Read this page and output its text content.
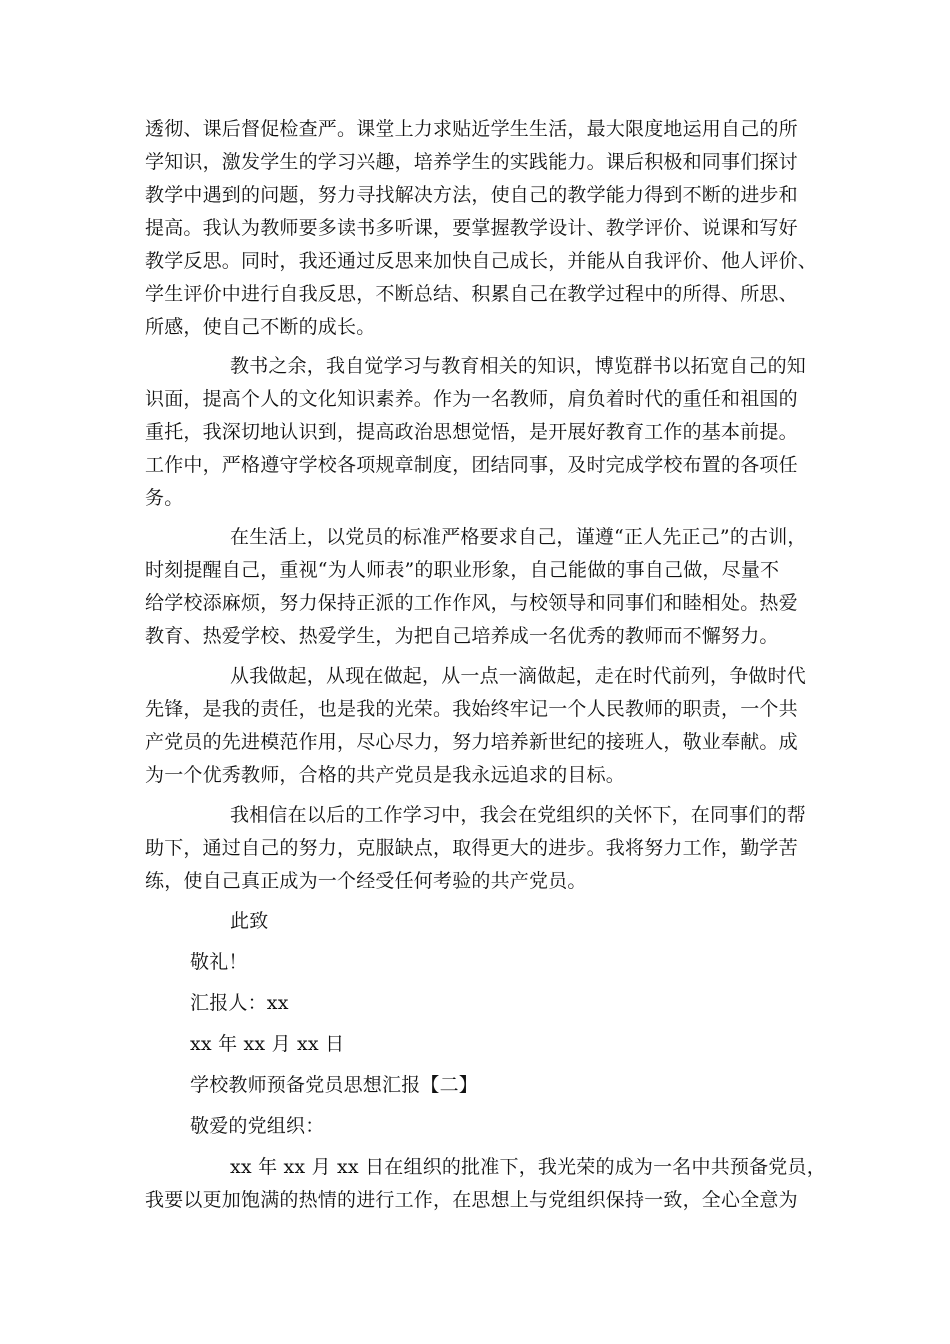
透彻、课后督促检查严。课堂上力求贴近学生生活，最大限度地运用自己的所
学知识，激发学生的学习兴趣，培养学生的实践能力。课后积极和同事们探讨
教学中遇到的问题，努力寻找解决方法，使自己的教学能力得到不断的进步和
提高。我认为教师要多读书多听课，要掌握教学设计、教学评价、说课和写好
教学反思。同时，我还通过反思来加快自己成长，并能从自我评价、他人评价、
学生评价中进行自我反思，不断总结、积累自己在教学过程中的所得、所思、
所感，使自己不断的成长。
教书之余，我自觉学习与教育相关的知识，博览群书以拓宽自己的知
识面，提高个人的文化知识素养。作为一名教师，肩负着时代的重任和祖国的
重托，我深切地认识到，提高政治思想觉悟，是开展好教育工作的基本前提。
工作中，严格遵守学校各项规章制度，团结同事，及时完成学校布置的各项任
务。
在生活上，以党员的标准严格要求自己，谨遵“正人先正己”的古训，
时刻提醒自己，重视“为人师表”的职业形象，自己能做的事自己做，尽量不
给学校添麻烦，努力保持正派的工作作风，与校领导和同事们和睦相处。热爱
教育、热爱学校、热爱学生，为把自己培养成一名优秀的教师而不懈努力。
从我做起，从现在做起，从一点一滴做起，走在时代前列，争做时代
先锋，是我的责任，也是我的光荣。我始终牢记一个人民教师的职责，一个共
产党员的先进模范作用，尽心尽力，努力培养新世纪的接班人，敬业奉献。成
为一个优秀教师，合格的共产党员是我永远追求的目标。
我相信在以后的工作学习中，我会在党组织的关怀下，在同事们的帮
助下，通过自己的努力，克服缺点，取得更大的进步。我将努力工作，勤学苦
练，使自己真正成为一个经受任何考验的共产党员。
此致
敬礼！
汇报人：xx
xx 年 xx 月 xx 日
学校教师预备党员思想汇报【二】
敬爱的党组织：
xx 年 xx 月 xx 日在组织的批准下，我光荣的成为一名中共预备党员，
我要以更加饱满的热情的进行工作，在思想上与党组织保持一致，全心全意为
